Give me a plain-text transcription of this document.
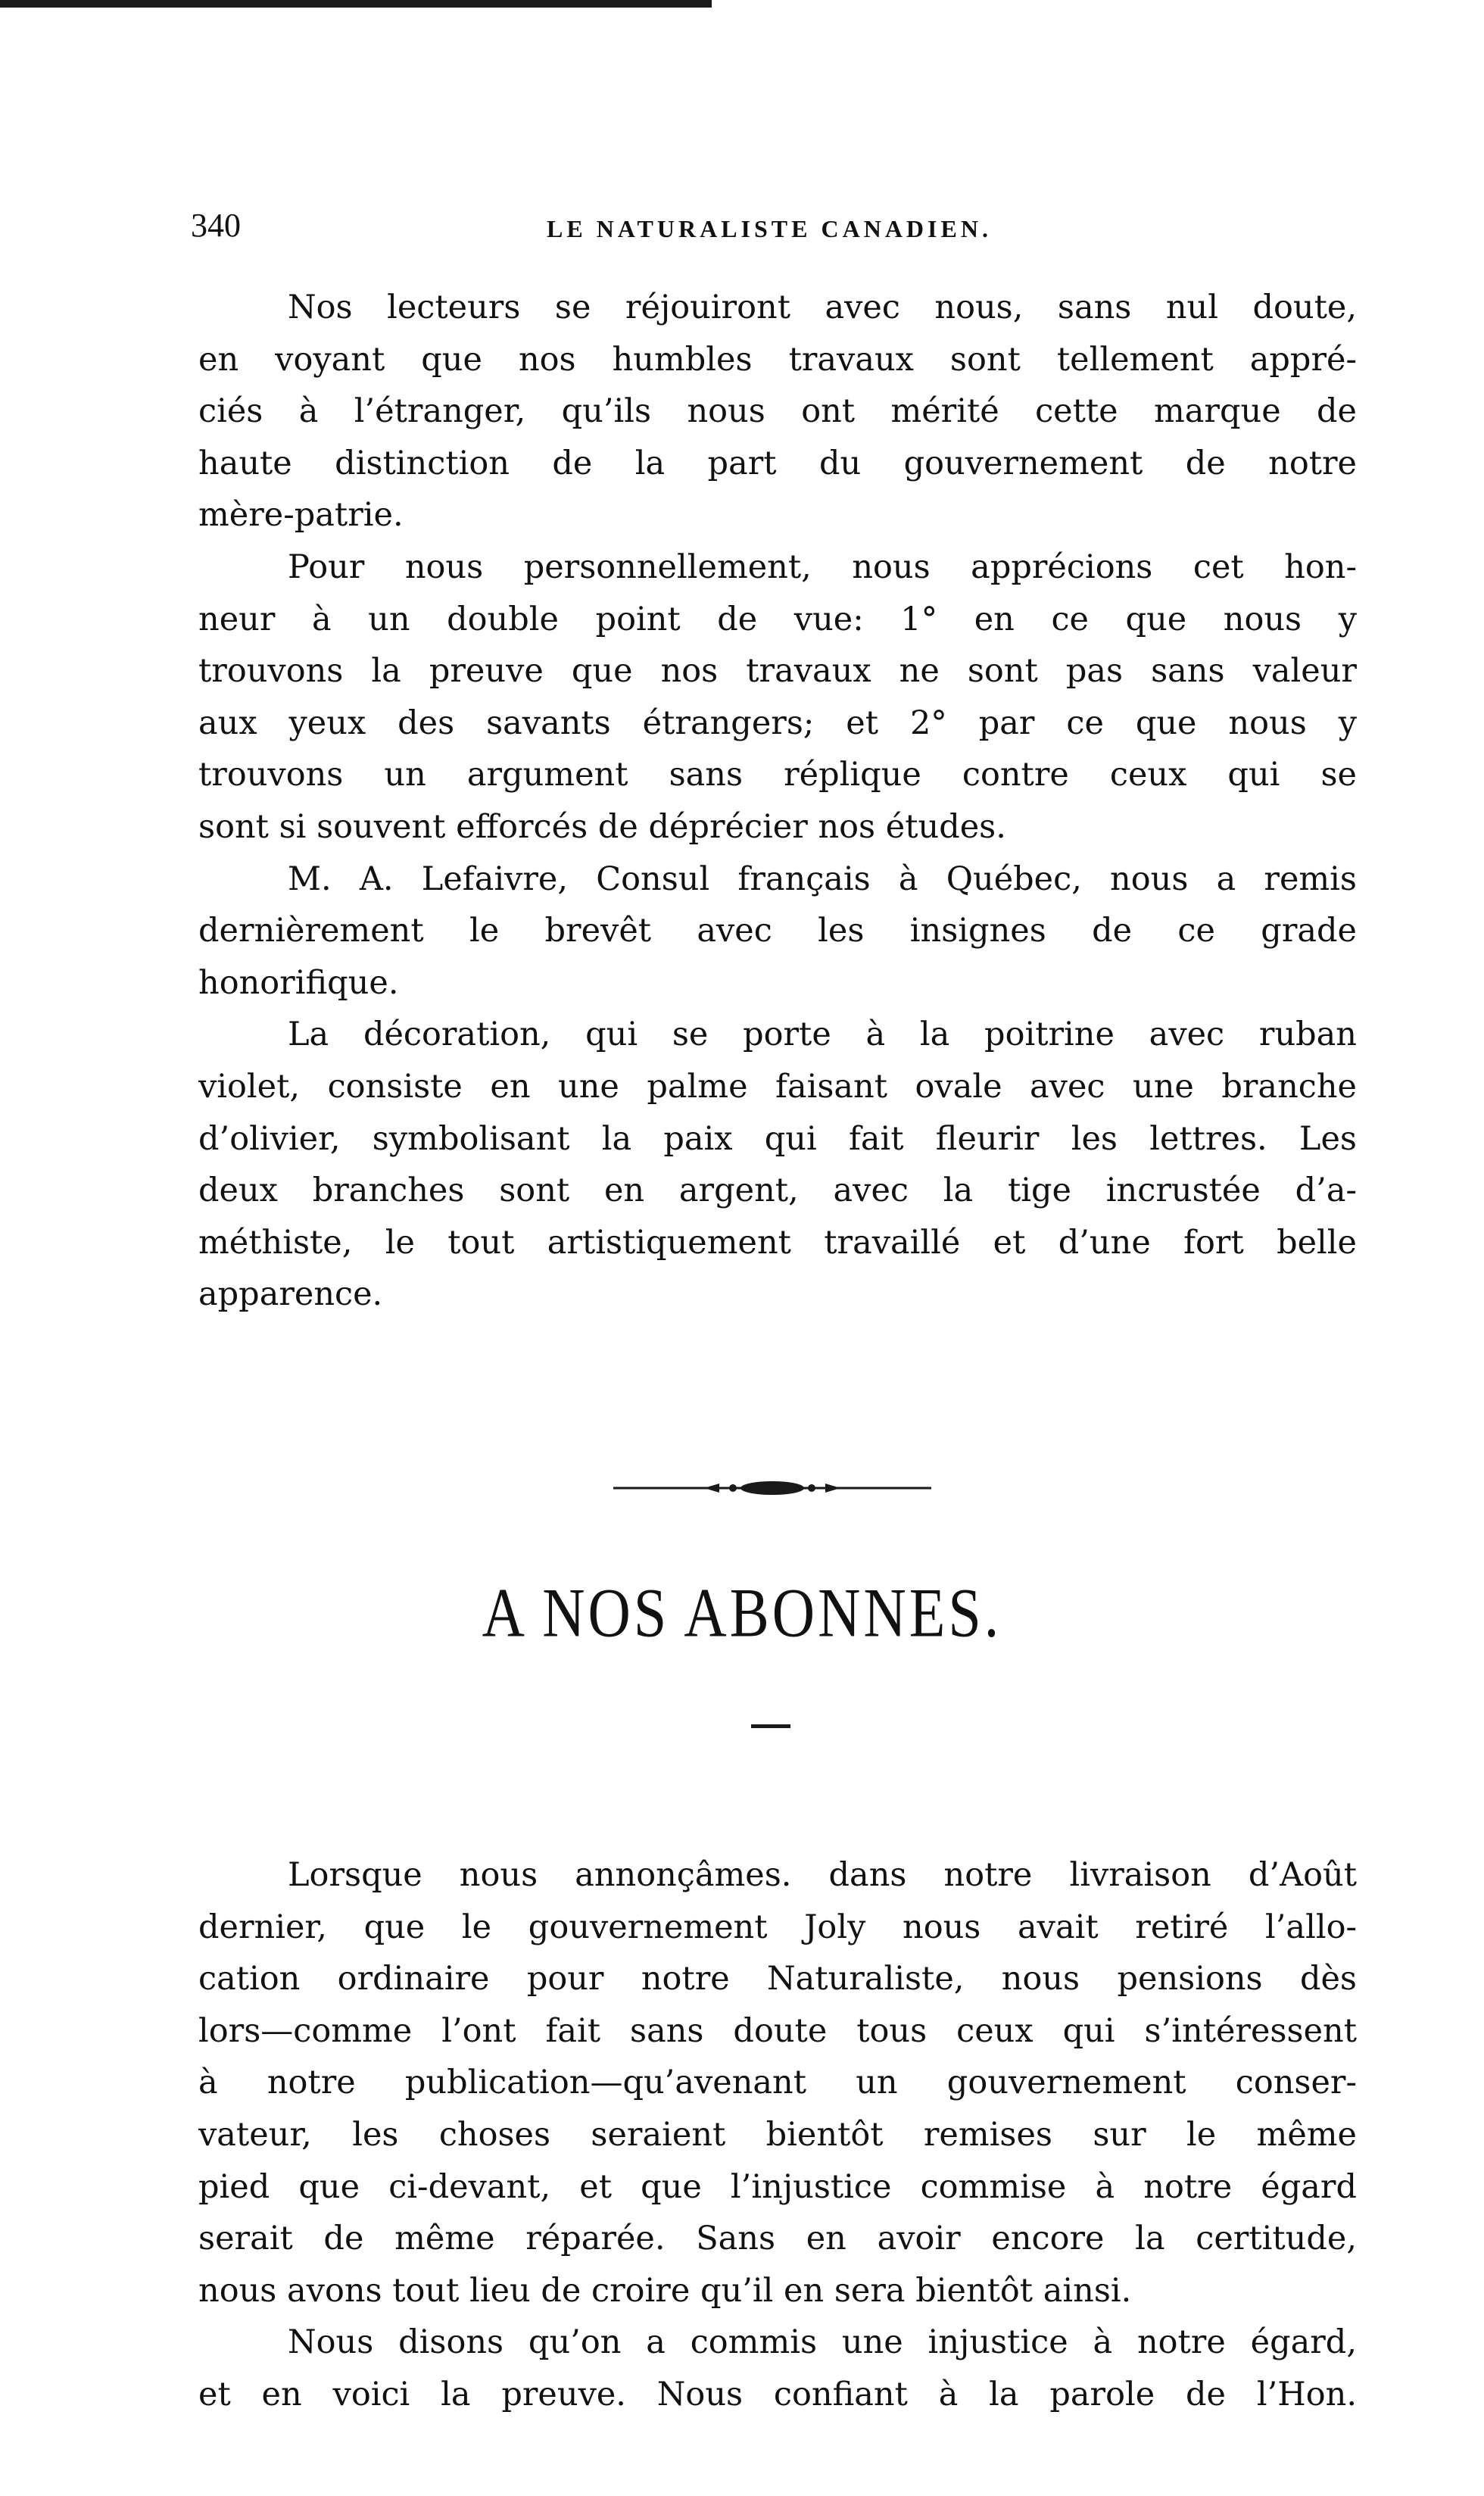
340	LE NATURALISTE CANADIEN.
Nos lecteurs se réjouiront avec nous, sans nul doute,
en voyant que nos humbles travaux sont tellement appré-
ciés à l’étranger, qu’ils nous ont mérité cette marque de
haute distinction de la part du gouvernement de notre
mère-patrie.
Pour nous personnellement, nous apprécions cet hon-
neur à un double point de vue: 1° en ce que nous y
trouvons la preuve que nos travaux ne sont pas sans valeur
aux yeux des savants étrangers; et 2° par ce que nous y
trouvons un argument sans réplique contre ceux qui se
sont si souvent efforcés de déprécier nos études.
M. A. Lefaivre, Consul français à Québec, nous a remis
dernièrement le brevêt avec les insignes de ce grade
honorifique.
La décoration, qui se porte à la poitrine avec ruban
violet, consiste en une palme faisant ovale avec une branche
d’olivier, symbolisant la paix qui fait fleurir les lettres. Les
deux branches sont en argent, avec la tige incrustée d’a-
méthiste, le tout artistiquement travaillé et d’une fort belle
apparence.
A NOS ABONNES.
Lorsque nous annonçâmes. dans notre livraison d’Août
dernier, que le gouvernement Joly nous avait retiré l’allo-
cation ordinaire pour notre Naturaliste, nous pensions dès
lors—comme l’ont fait sans doute tous ceux qui s’intéressent
à notre publication—qu’avenant un gouvernement conser-
vateur, les choses seraient bientôt remises sur le même
pied que ci-devant, et que l’injustice commise à notre égard
serait de même réparée. Sans en avoir encore la certitude,
nous avons tout lieu de croire qu’il en sera bientôt ainsi.
Nous disons qu’on a commis une injustice à notre égard,
et en voici la preuve. Nous confiant à la parole de l’Hon.
